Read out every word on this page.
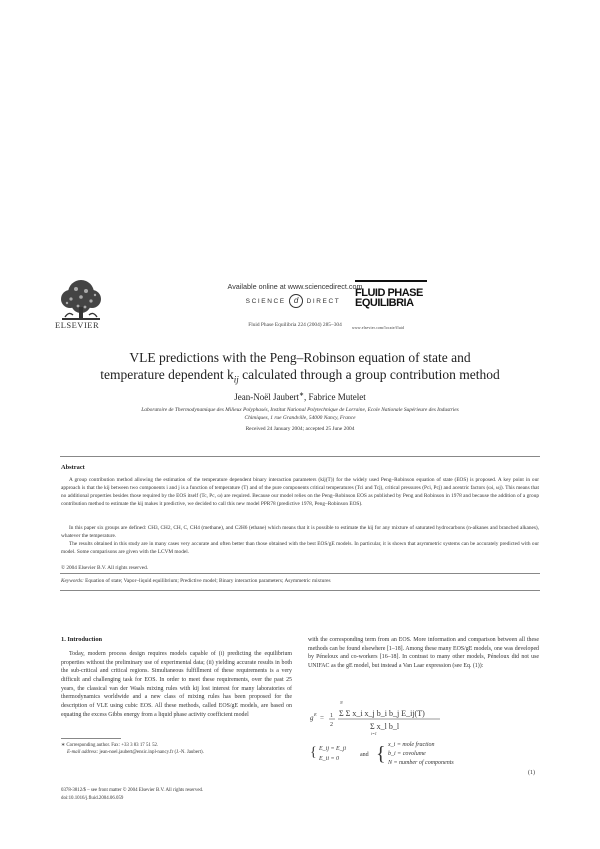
ELSEVIER
Available online at www.sciencedirect.com
SCIENCE d DIRECT
Fluid Phase Equilibria 224 (2004) 285–304
FLUID PHASE
EQUILIBRIA
www.elsevier.com/locate/fluid
VLE predictions with the Peng–Robinson equation of state and
temperature dependent $k_{ij}$ calculated through a group contribution method
Jean-Noël Jaubert∗, Fabrice Mutelet
Laboratoire de Thermodynamique des Milieux Polyphasés, Institut National Polytechnique de Lorraine, Ecole Nationale Supérieure des Industries
Chimiques, 1 rue Grandville, 54000 Nancy, France
Received 24 January 2004; accepted 25 June 2004
Abstract
A group contribution method allowing the estimation of the temperature dependent binary interaction parameters (kij(T)) for the widely used Peng–Robinson equation of state (EOS) is proposed. A key point in our approach is that the kij between two components i and j is a function of temperature (T) and of the pure components critical temperatures (Tci and Tcj), critical pressures (Pci, Pcj) and acentric factors (ωi, ωj). This means that no additional properties besides those required by the EOS itself (Tc, Pc, ω) are required. Because our model relies on the Peng–Robinson EOS as published by Peng and Robinson in 1978 and because the addition of a group contribution method to estimate the kij makes it predictive, we decided to call this new model PPR78 (predictive 1978, Peng–Robinson EOS).
In this paper six groups are defined: CH3, CH2, CH, C, CH4 (methane), and C2H6 (ethane) which means that it is possible to estimate the kij for any mixture of saturated hydrocarbons (n-alkanes and branched alkanes), whatever the temperature.
The results obtained in this study are in many cases very accurate and often better than those obtained with the best EOS/gE models. In particular, it is shown that asymmetric systems can be accurately predicted with our model. Some comparisons are given with the LCVM model.
© 2004 Elsevier B.V. All rights reserved.
Keywords: Equation of state; Vapor–liquid equilibrium; Predictive model; Binary interaction parameters; Asymmetric mixtures
1. Introduction
Today, modern process design requires models capable of (i) predicting the equilibrium properties without the preliminary use of experimental data; (ii) yielding accurate results in both the sub-critical and critical regions. Simultaneous fulfillment of these requirements is a very difficult and challenging task for EOS. In order to meet these requirements, over the past 25 years, the classical van der Waals mixing rules with kij lost interest for many laboratories of thermodynamics worldwide and a new class of mixing rules has been proposed for the description of VLE using cubic EOS. All these methods, called EOS/gE models, are based on equating the excess Gibbs energy from a liquid phase activity coefficient model
with the corresponding term from an EOS. More information and comparison between all these methods can be found elsewhere [1–18]. Among these many EOS/gE models, one was developed by Péneloux and co-workers [16–18]. In contrast to many other models, Péneloux did not use UNIFAC as the gE model, but instead a Van Laar expression (see Eq. (1)):
g E = 1
2
N
Σ Σ x_i x_j b_i b_j E_ij(T)
Σ x_l b_l
i=1
{ E_ij = E_ji
E_ii = 0
and { x_i = mole fraction
b_i = covolume
N = number of components
(1)
∗ Corresponding author. Fax: +33 3 83 17 51 52.
E-mail address: jean-noel.jaubert@ensic.inpl-nancy.fr (J.-N. Jaubert).
0378-3812/$ – see front matter © 2004 Elsevier B.V. All rights reserved.
doi:10.1016/j.fluid.2004.06.059
